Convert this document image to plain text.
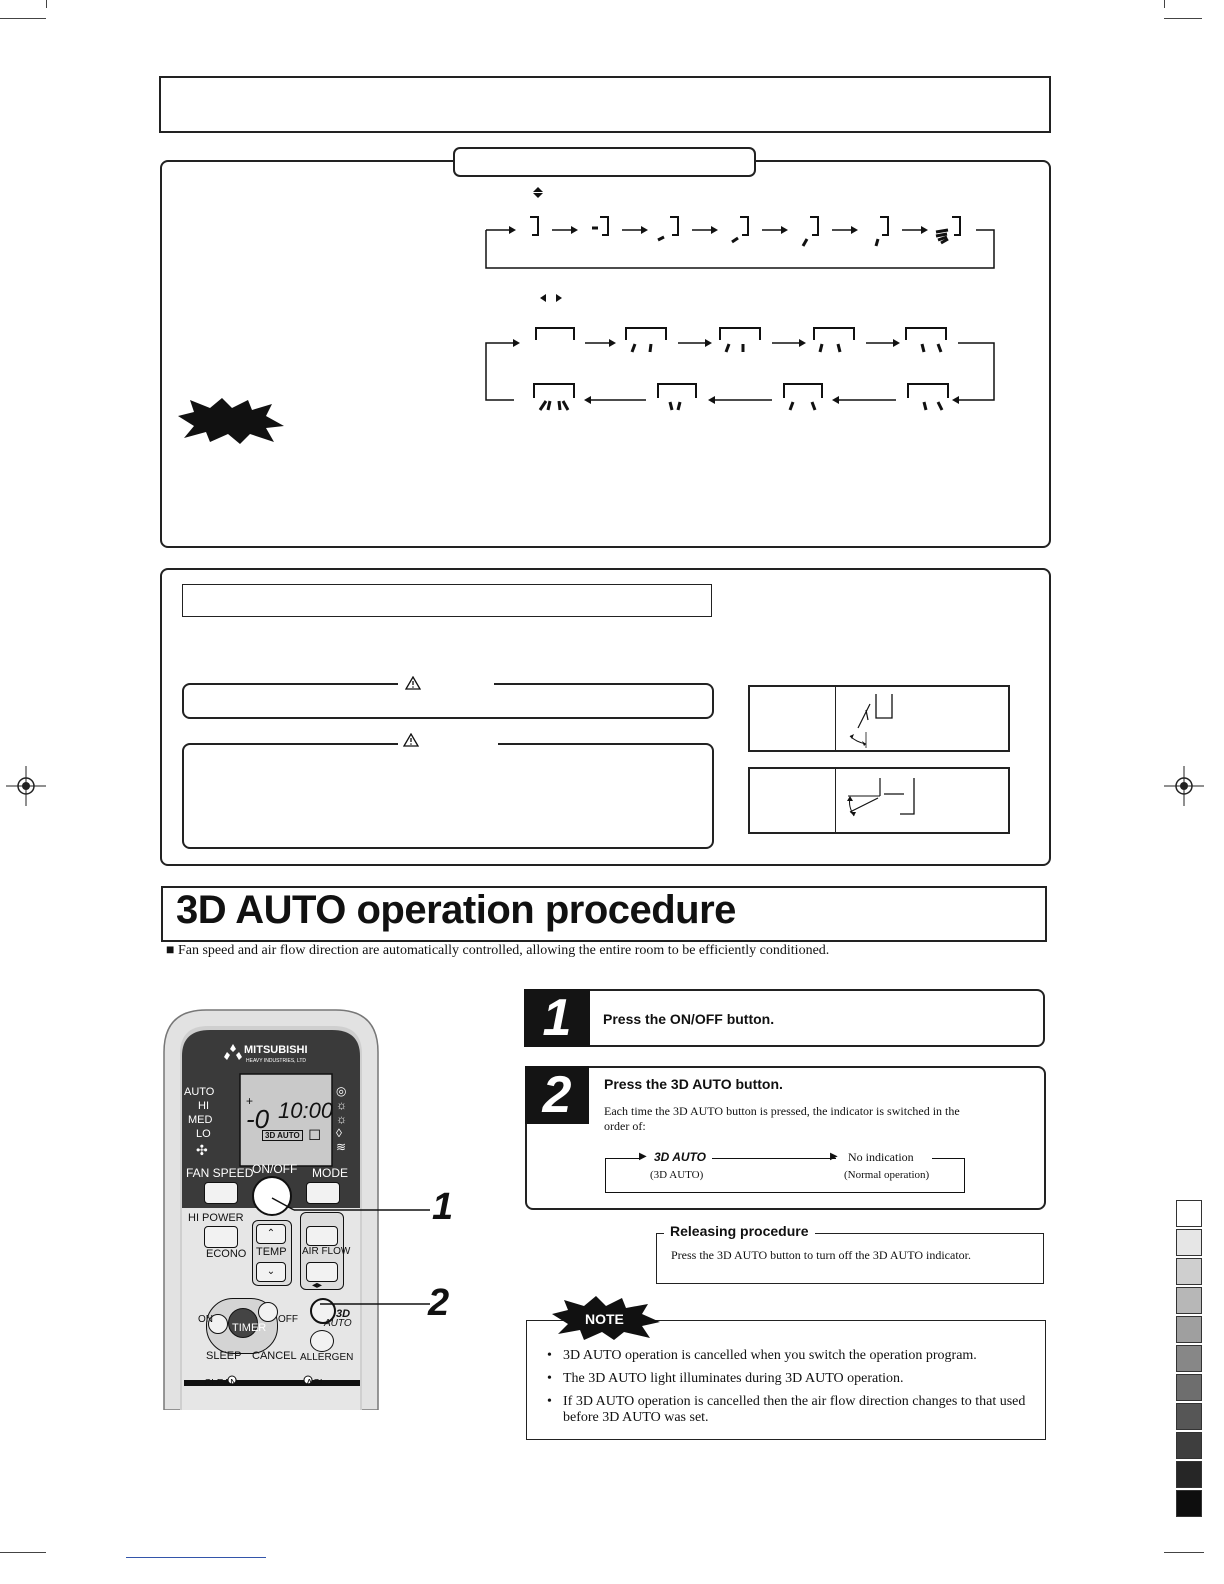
3D AUTO operation procedure
■ Fan speed and air flow direction are automatically controlled, allowing the entire room to be efficiently conditioned.
MITSUBISHI
HEAVY INDUSTRIES, LTD
AUTO
HI
MED
LO
✣
+
-0 10:00
3D AUTO ◻
◎
☼
☼
◊
≋
FAN SPEED
ON/OFF MODE
HI POWER
ECONO
⌃
TEMP
⌄
AIR FLOW
◂▸
ON
TIMER
OFF	3D
AUTO
SLEEP CANCEL ALLERGEN
CLEAN	ACL
1
2
1	Press the ON/OFF button.
2	Press the 3D AUTO button.
Each time the 3D AUTO button is pressed, the indicator is switched in the order of:
▶	▶
3D AUTO
(3D AUTO)
No indication
(Normal operation)
Releasing procedure
Press the 3D AUTO button to turn off the 3D AUTO indicator.
NOTE
• 3D AUTO operation is cancelled when you switch the operation program.
• The 3D AUTO light illuminates during 3D AUTO operation.
• If 3D AUTO operation is cancelled then the air flow direction changes to that used before 3D AUTO was set.
